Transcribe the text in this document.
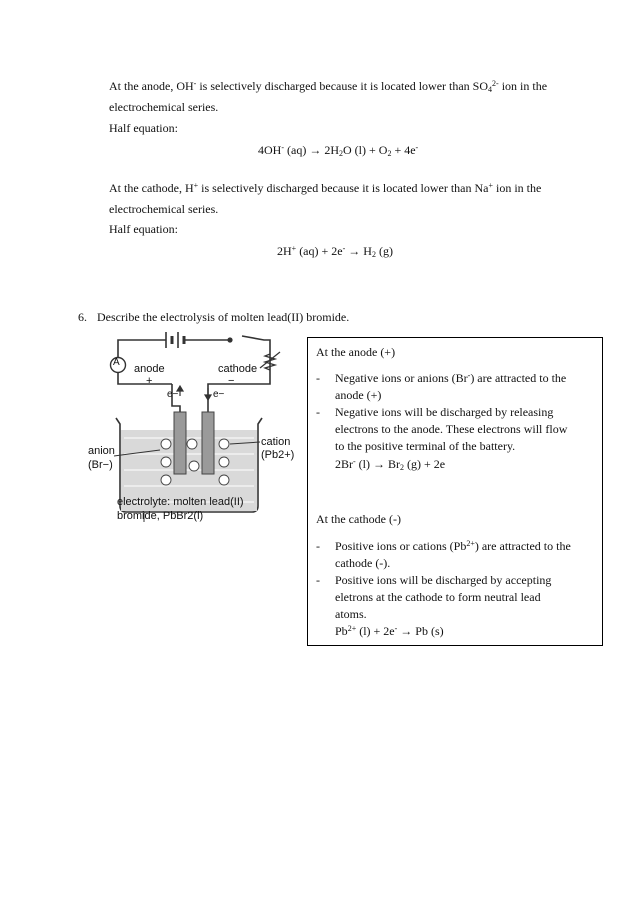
At the anode, OH- is selectively discharged because it is located lower than $SO_4^{2-}$ ion in the
electrochemical series.
Half equation:
4OH- $(aq) \to 2H_2O$ $(l) + O_2 + 4e^-$
At the cathode, H+ is selectively discharged because it is located lower than Na+ ion in the
electrochemical series.
Half equation:
2H+ $(aq) + 2e^- \to H_2$ (g)
6. Describe the electrolysis of molten lead(II) bromide.
A
anode
+
cathode
−
e−	e−
anion
(Br−)
cation
(Pb2+)
electrolyte: molten lead(II)
bromide, PbBr2(l)
At the anode (+)
- Negative ions or anions (Br-) are attracted to the
anode (+)
- Negative ions will be discharged by releasing
electrons to the anode. These electrons will flow
to the positive terminal of the battery.
2Br- $(l) \to Br_2$ (g) + 2e
At the cathode (-)
- Positive ions or cations $(Pb^{2+})$ are attracted to the
cathode (-).
- Positive ions will be discharged by accepting
eletrons at the cathode to form neutral lead
atoms.
$Pb^{2+}$ (l) + 2e- → Pb (s)
